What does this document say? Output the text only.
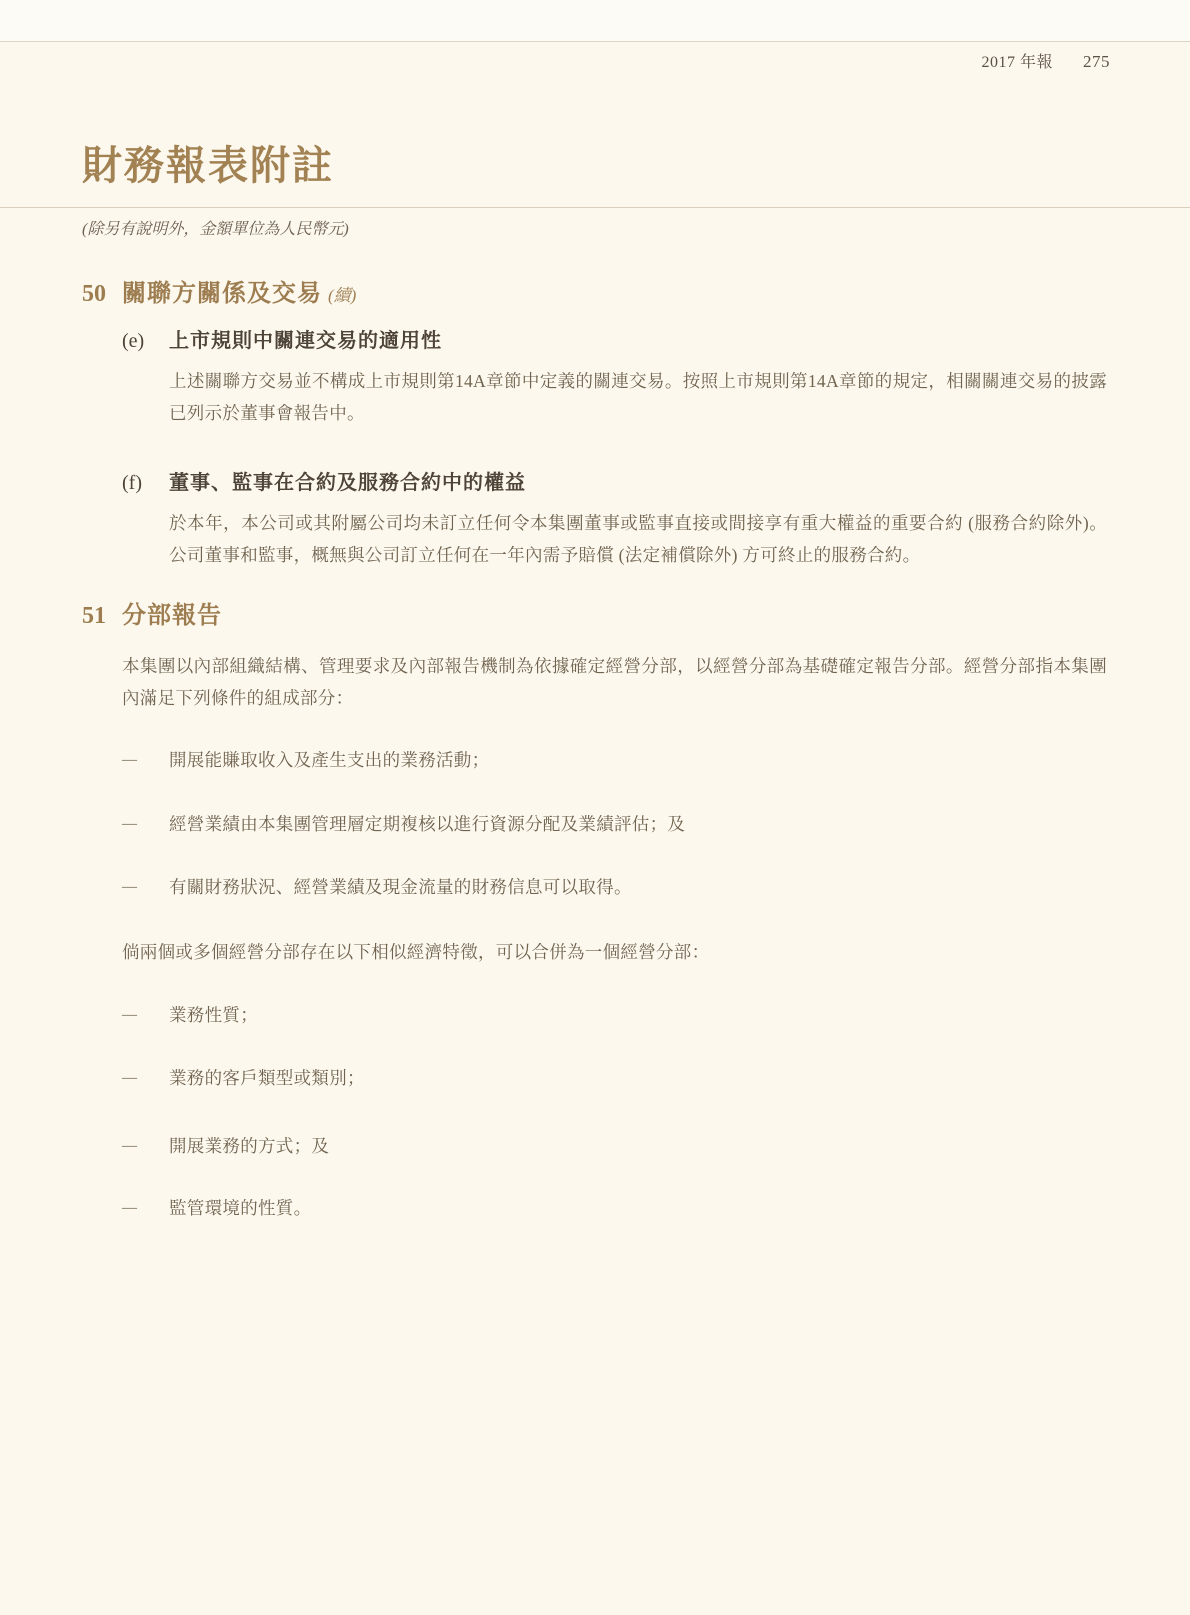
2017 年報 275
財務報表附註
(除另有說明外，金額單位為人民幣元)
50 關聯方關係及交易 (續)
(e)	上市規則中關連交易的適用性
上述關聯方交易並不構成上市規則第14A章節中定義的關連交易。按照上市規則第14A章節的規定，相關關連交易的披露已列示於董事會報告中。
(f)	董事、監事在合約及服務合約中的權益
於本年，本公司或其附屬公司均未訂立任何令本集團董事或監事直接或間接享有重大權益的重要合約 (服務合約除外)。公司董事和監事，概無與公司訂立任何在一年內需予賠償 (法定補償除外) 方可終止的服務合約。
51 分部報告
本集團以內部組織結構、管理要求及內部報告機制為依據確定經營分部，以經營分部為基礎確定報告分部。經營分部指本集團內滿足下列條件的組成部分：
—	開展能賺取收入及產生支出的業務活動；
—	經營業績由本集團管理層定期複核以進行資源分配及業績評估；及
—	有關財務狀況、經營業績及現金流量的財務信息可以取得。
倘兩個或多個經營分部存在以下相似經濟特徵，可以合併為一個經營分部：
—	業務性質；
—	業務的客戶類型或類別；
—	開展業務的方式；及
—	監管環境的性質。
